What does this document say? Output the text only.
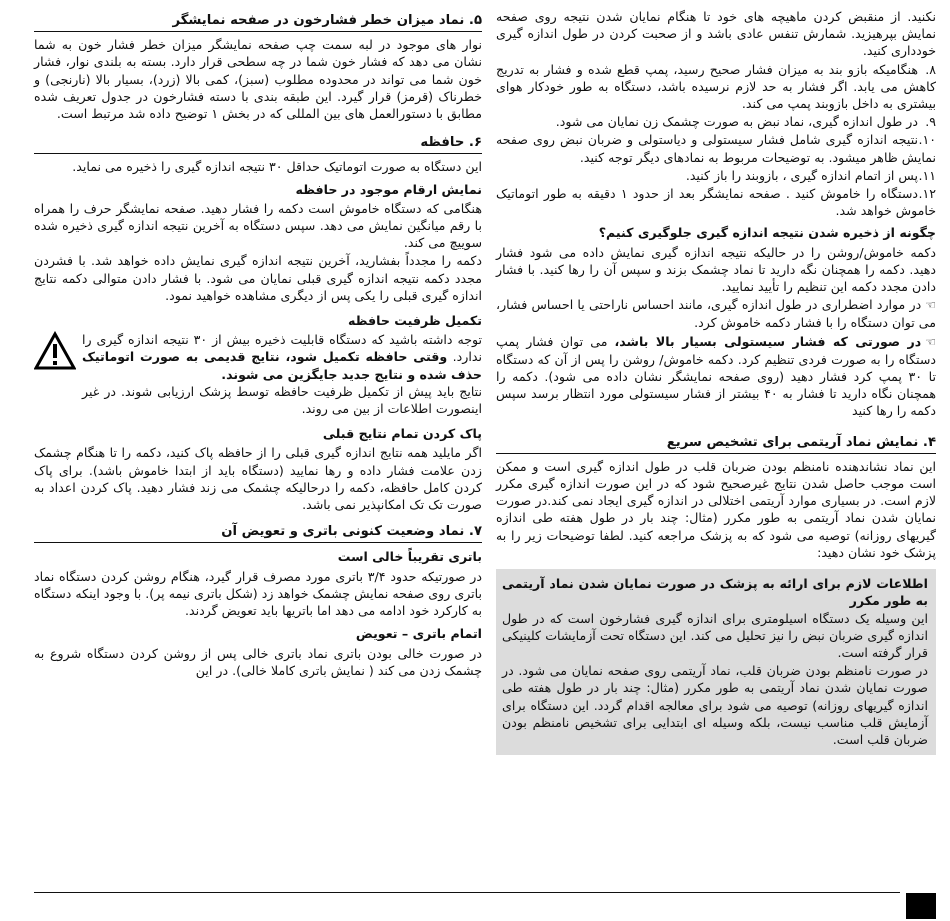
نکنید. از منقبض کردن ماهیچه های خود تا هنگام نمایان شدن نتیجه روی صفحه نمایش بپرهیزید. شمارش تنفس عادی باشد و از صحبت کردن در طول اندازه گیری خودداری کنید.

۸.هنگامیکه بازو بند به میزان فشار صحیح رسید، پمپ قطع شده و فشار به تدریج کاهش می یابد. اگر فشار به حد لازم نرسیده باشد، دستگاه به طور خودکار هوای بیشتری به داخل بازوبند پمپ می کند.

۹.در طول اندازه گیری، نماد نبض به صورت چشمک زن نمایان می شود.

۱۰.نتیجه اندازه گیری شامل فشار سیستولی و دیاستولی و ضربان نبض روی صفحه نمایش ظاهر میشود. به توضیحات مربوط به نمادهای دیگر توجه کنید.

۱۱.پس از اتمام اندازه گیری ، بازوبند را باز کنید.

۱۲.دستگاه را خاموش کنید . صفحه نمایشگر بعد از حدود ۱ دقیقه به طور اتوماتیک خاموش خواهد شد.

چگونه از ذخیره شدن نتیجه اندازه گیری جلوگیری کنیم؟

دکمه خاموش/روشن را در حالیکه نتیجه اندازه گیری نمایش داده می شود فشار دهید. دکمه را همچنان نگه دارید تا نماد چشمک بزند و سپس آن را رها کنید. با فشار دادن مجدد دکمه این تنظیم را تأیید نمایید.

☜در موارد اضطراری در طول اندازه گیری، مانند احساس ناراحتی یا احساس فشار، می توان دستگاه را با فشار دکمه خاموش کرد.

☜در صورتی که فشار سیستولی بسیار بالا باشد، می توان فشار پمپ دستگاه را به صورت فردی تنظیم کرد. دکمه خاموش/ روشن را پس از آن که دستگاه تا ۳۰ پمپ کرد فشار دهید (روی صفحه نمایشگر نشان داده می شود). دکمه را همچنان نگاه دارید تا فشار به ۴۰ بیشتر از فشار سیستولی مورد انتظار برسد سپس دکمه را رها کنید

۴. نمایش نماد آریتمی برای تشخیص سریع

این نماد نشاندهنده نامنظم بودن ضربان قلب در طول اندازه گیری است و ممکن است موجب حاصل شدن نتایج غیرصحیح شود که در این صورت اندازه گیری مکرر لازم است. در بسیاری موارد آریتمی اختلالی در اندازه گیری ایجاد نمی کند.در صورت نمایان شدن نماد آریتمی به طور مکرر (مثال: چند بار در طول هفته طی اندازه گیریهای روزانه) توصیه می شود که به پزشک مراجعه کنید. لطفا توضیحات زیر را به پزشک خود نشان دهید:

اطلاعات لازم برای ارائه به پزشک در صورت نمایان شدن نماد آریتمی به طور مکرر

این وسیله یک دستگاه اسیلومتری برای اندازه گیری فشارخون است که در طول اندازه گیری ضربان نبض را نیز تحلیل می کند. این دستگاه تحت آزمایشات کلینیکی قرار گرفته است.

در صورت نامنظم بودن ضربان قلب، نماد آریتمی روی صفحه نمایان می شود. در صورت نمایان شدن نماد آریتمی به طور مکرر (مثال: چند بار در طول هفته طی اندازه گیریهای روزانه) توصیه می شود برای معالجه اقدام گردد. این دستگاه برای آزمایش قلب مناسب نیست، بلکه وسیله ای ابتدایی برای تشخیص نامنظم بودن ضربان قلب است.

۵. نماد میزان خطر فشارخون در صفحه نمایشگر

نوار های موجود در لبه سمت چپ صفحه نمایشگر میزان خطر فشار خون به شما نشان می دهد که فشار خون شما در چه سطحی قرار دارد. بسته به بلندی نوار، فشار خون شما می تواند در محدوده مطلوب (سبز)، کمی بالا (زرد)، بسیار بالا (نارنجی) و خطرناک (قرمز) قرار گیرد. این طبقه بندی با دسته فشارخون در جدول تعریف شده مطابق با دستورالعمل های بین المللی که در بخش ۱ توضیح داده شد مرتبط است.

۶. حافظه

این دستگاه به صورت اتوماتیک حداقل ۳۰ نتیجه اندازه گیری را ذخیره می نماید.

نمایش ارقام موجود در حافظه

هنگامی که دستگاه خاموش است دکمه را فشار دهید. صفحه نمایشگر حرف را همراه با رقم میانگین نمایش می دهد. سپس دستگاه به آخرین نتیجه اندازه گیری ذخیره شده سوییچ می کند.

دکمه را مجدداً بفشارید، آخرین نتیجه اندازه گیری نمایش داده خواهد شد. با فشردن مجدد دکمه نتیجه اندازه گیری قبلی نمایان می شود. با فشار دادن متوالی دکمه نتایج اندازه گیری قبلی را یکی پس از دیگری مشاهده خواهید نمود.

تکمیل ظرفیت حافظه
توجه داشته باشید که دستگاه قابلیت ذخیره بیش از ۳۰ نتیجه اندازه گیری را ندارد. وقتی حافظه تکمیل شود، نتایج قدیمی به صورت اتوماتیک حذف شده و نتایج جدید جایگزین می شوند.
نتایج باید پیش از تکمیل ظرفیت حافظه توسط پزشک ارزیابی شوند. در غیر اینصورت اطلاعات از بین می روند.
پاک کردن تمام نتایج قبلی

اگر مایلید همه نتایج اندازه گیری قبلی را از حافظه پاک کنید، دکمه را تا هنگام چشمک زدن علامت فشار داده و رها نمایید (دستگاه باید از ابتدا خاموش باشد). برای پاک کردن کامل حافظه، دکمه را درحالیکه چشمک می زند فشار دهید. پاک کردن اعداد به صورت تک تک امکانپذیر نمی باشد.

۷. نماد وضعیت کنونی باتری و تعویض آن
باتری تقریباً خالی است

در صورتیکه حدود ۳/۴ باتری مورد مصرف قرار گیرد، هنگام روشن کردن دستگاه نماد باتری روی صفحه نمایش چشمک خواهد زد (شکل باتری نیمه پر). با وجود اینکه دستگاه به کارکرد خود ادامه می دهد اما باتریها باید تعویض گردند.

اتمام باتری – تعویض

در صورت خالی بودن باتری نماد باتری خالی پس از روشن کردن دستگاه شروع به چشمک زدن می کند ( نمایش باتری کاملا خالی). در این
